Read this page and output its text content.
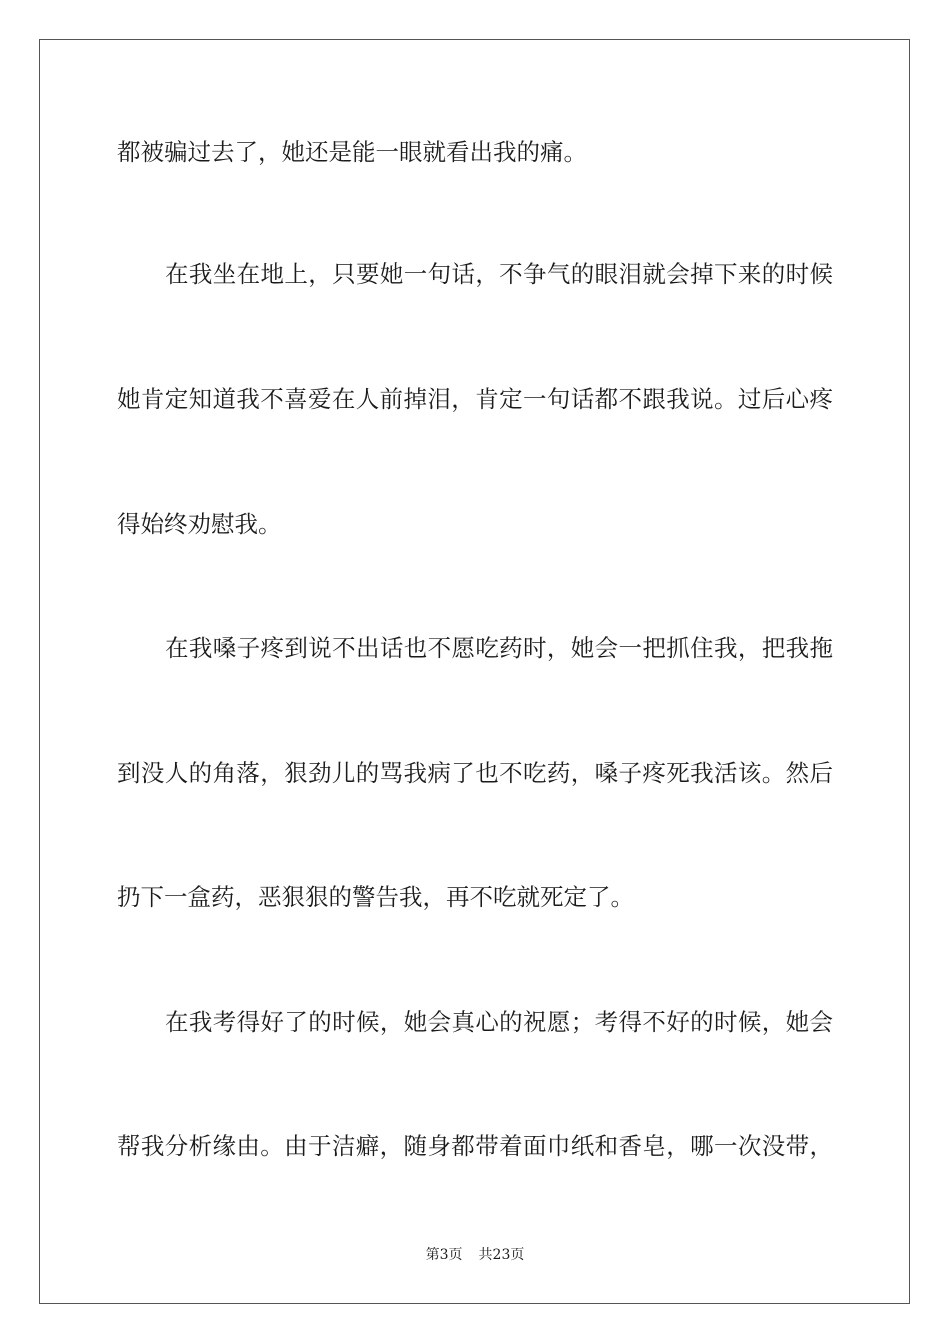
都被骗过去了，她还是能一眼就看出我的痛。
在我坐在地上，只要她一句话，不争气的眼泪就会掉下来的时候
她肯定知道我不喜爱在人前掉泪，肯定一句话都不跟我说。过后心疼
得始终劝慰我。
在我嗓子疼到说不出话也不愿吃药时，她会一把抓住我，把我拖
到没人的角落，狠劲儿的骂我病了也不吃药，嗓子疼死我活该。然后
扔下一盒药，恶狠狠的警告我，再不吃就死定了。
在我考得好了的时候，她会真心的祝愿；考得不好的时候，她会
帮我分析缘由。由于洁癖，随身都带着面巾纸和香皂，哪一次没带，
第3页 共23页
